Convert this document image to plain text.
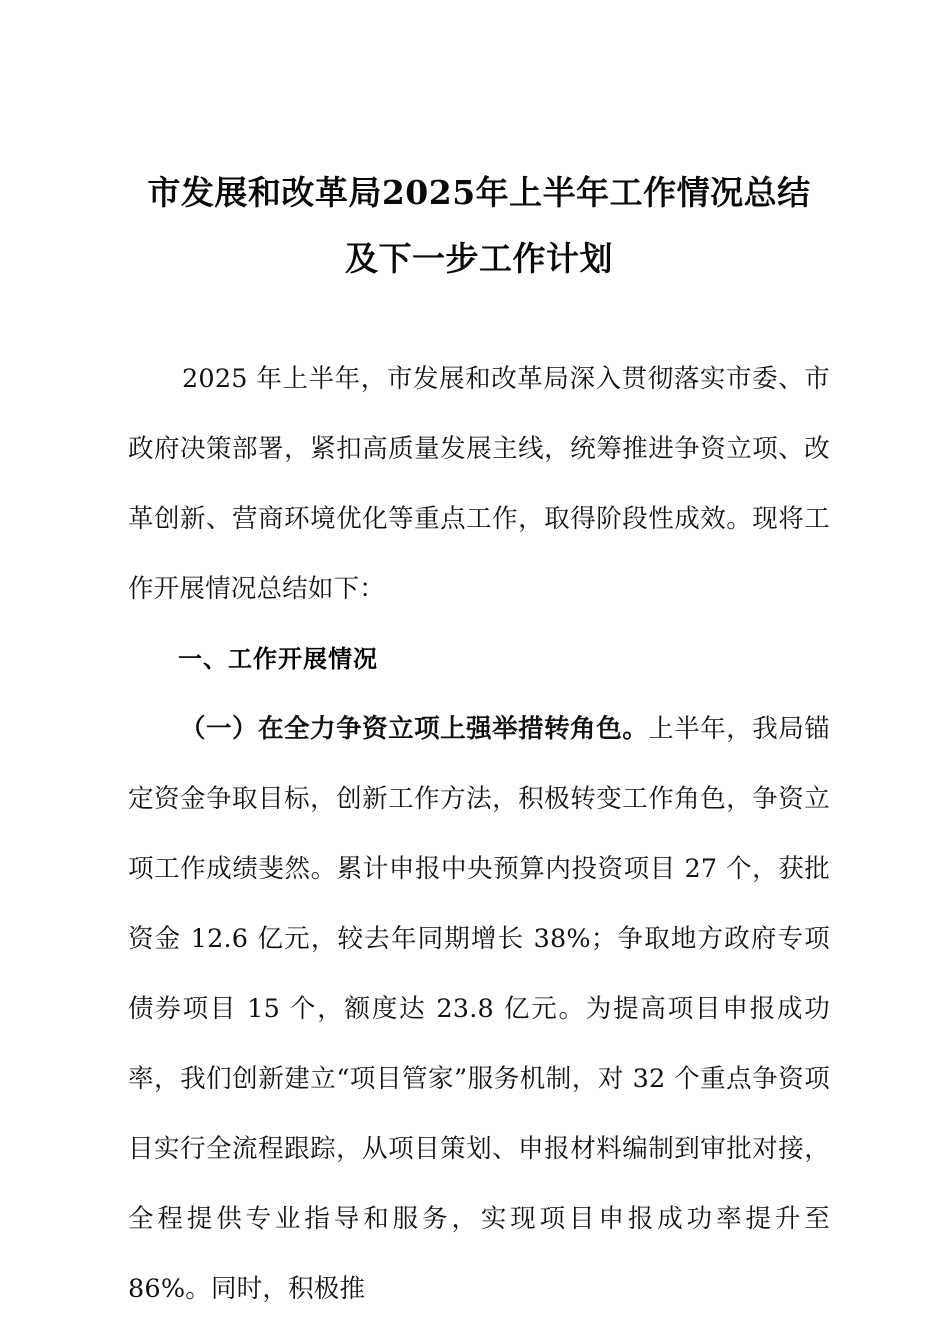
市发展和改革局2025年上半年工作情况总结
及下一步工作计划

2025 年上半年，市发展和改革局深入贯彻落实市委、市政府决策部署，紧扣高质量发展主线，统筹推进争资立项、改革创新、营商环境优化等重点工作，取得阶段性成效。现将工作开展情况总结如下：

一、工作开展情况

（一）在全力争资立项上强举措转角色。上半年，我局锚定资金争取目标，创新工作方法，积极转变工作角色，争资立项工作成绩斐然。累计申报中央预算内投资项目 27 个，获批资金 12.6 亿元，较去年同期增长 38%；争取地方政府专项债券项目 15 个，额度达 23.8 亿元。为提高项目申报成功率，我们创新建立“项目管家”服务机制，对 32 个重点争资项目实行全流程跟踪，从项目策划、申报材料编制到审批对接，全程提供专业指导和服务，实现项目申报成功率提升至 86%。同时，积极推
